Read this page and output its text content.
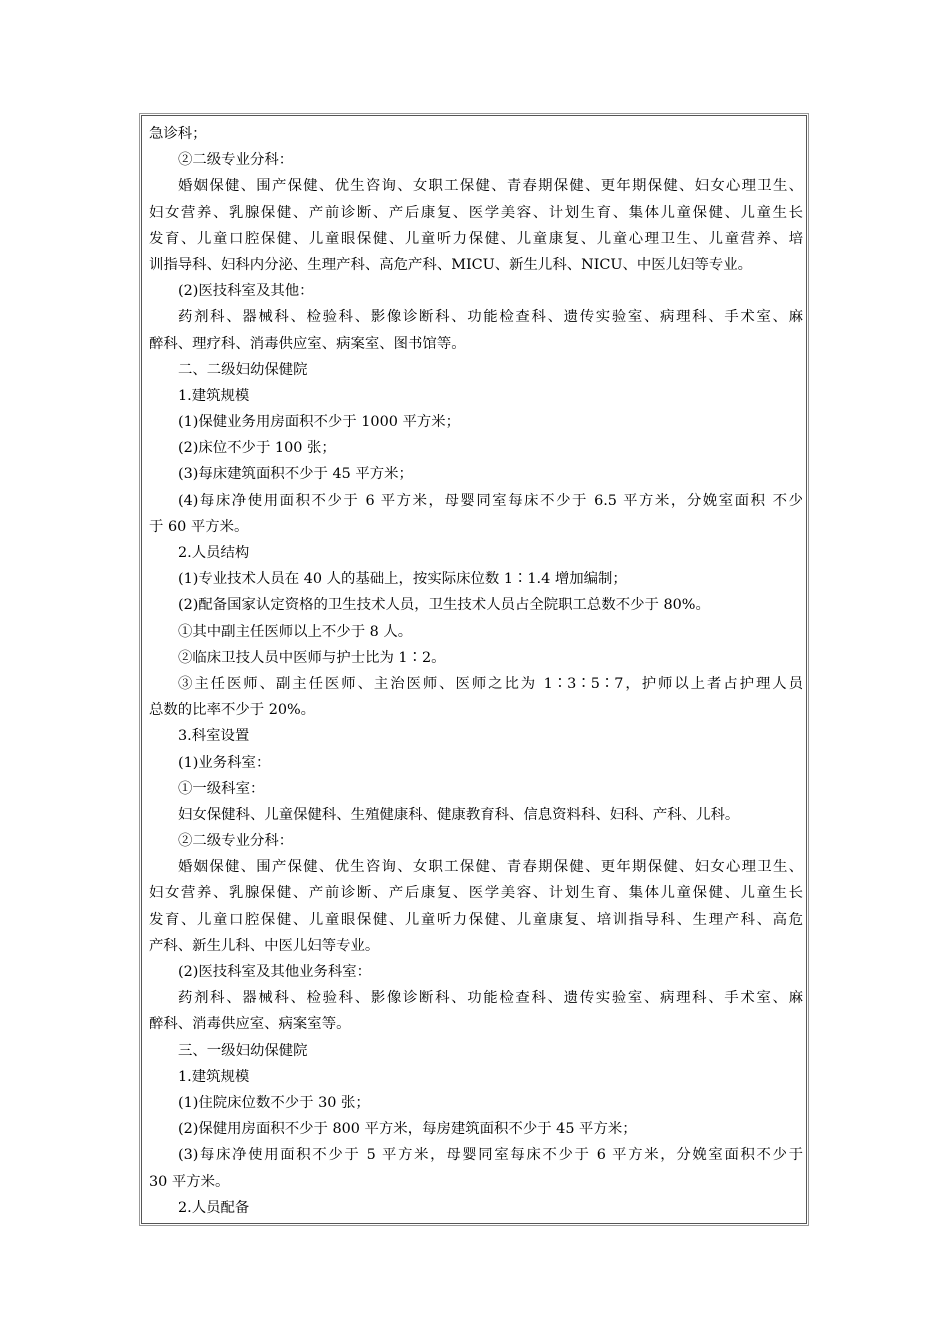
急诊科；
②二级专业分科：
婚姻保健、围产保健、优生咨询、女职工保健、青春期保健、更年期保健、妇女心理卫生、
妇女营养、乳腺保健、产前诊断、产后康复、医学美容、计划生育、集体儿童保健、儿童生长
发育、儿童口腔保健、儿童眼保健、儿童听力保健、儿童康复、儿童心理卫生、儿童营养、培
训指导科、妇科内分泌、生理产科、高危产科、MICU、新生儿科、NICU、中医儿妇等专业。
(2)医技科室及其他：
药剂科、器械科、检验科、影像诊断科、功能检查科、遗传实验室、病理科、手术室、麻
醉科、理疗科、消毒供应室、病案室、图书馆等。
二、二级妇幼保健院
1.建筑规模
(1)保健业务用房面积不少于 1000 平方米；
(2)床位不少于 100 张；
(3)每床建筑面积不少于 45 平方米；
(4)每床净使用面积不少于 6 平方米，母婴同室每床不少于 6.5 平方米，分娩室面积 不少
于 60 平方米。
2.人员结构
(1)专业技术人员在 40 人的基础上，按实际床位数 1∶1.4 增加编制；
(2)配备国家认定资格的卫生技术人员，卫生技术人员占全院职工总数不少于 80%。
①其中副主任医师以上不少于 8 人。
②临床卫技人员中医师与护士比为 1∶2。
③主任医师、副主任医师、主治医师、医师之比为 1∶3∶5∶7，护师以上者占护理人员
总数的比率不少于 20%。
3.科室设置
(1)业务科室：
①一级科室：
妇女保健科、儿童保健科、生殖健康科、健康教育科、信息资料科、妇科、产科、儿科。
②二级专业分科：
婚姻保健、围产保健、优生咨询、女职工保健、青春期保健、更年期保健、妇女心理卫生、
妇女营养、乳腺保健、产前诊断、产后康复、医学美容、计划生育、集体儿童保健、儿童生长
发育、儿童口腔保健、儿童眼保健、儿童听力保健、儿童康复、培训指导科、生理产科、高危
产科、新生儿科、中医儿妇等专业。
(2)医技科室及其他业务科室：
药剂科、器械科、检验科、影像诊断科、功能检查科、遗传实验室、病理科、手术室、麻
醉科、消毒供应室、病案室等。
三、一级妇幼保健院
1.建筑规模
(1)住院床位数不少于 30 张；
(2)保健用房面积不少于 800 平方米，每房建筑面积不少于 45 平方米；
(3)每床净使用面积不少于 5 平方米，母婴同室每床不少于 6 平方米，分娩室面积不少于
30 平方米。
2.人员配备
